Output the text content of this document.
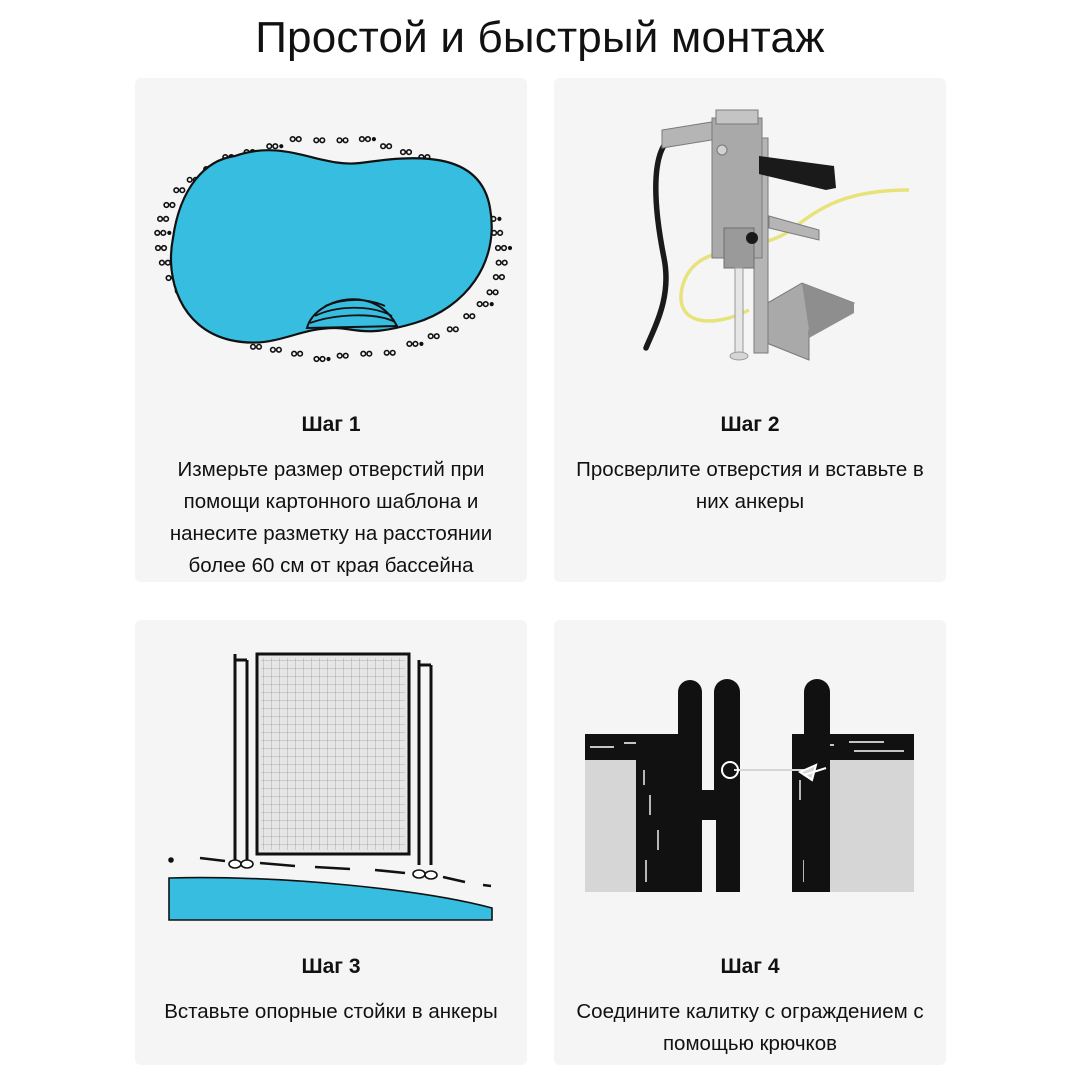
Простой и быстрый монтаж
Шаг 1
Измерьте размер отверстий при
помощи картонного шаблона и
нанесите разметку на расстоянии
более 60 см от края бассейна
Шаг 2
Просверлите отверстия и вставьте в
них анкеры
Шаг 3
Вставьте опорные стойки в анкеры
Шаг 4
Соедините калитку с ограждением с
помощью крючков
